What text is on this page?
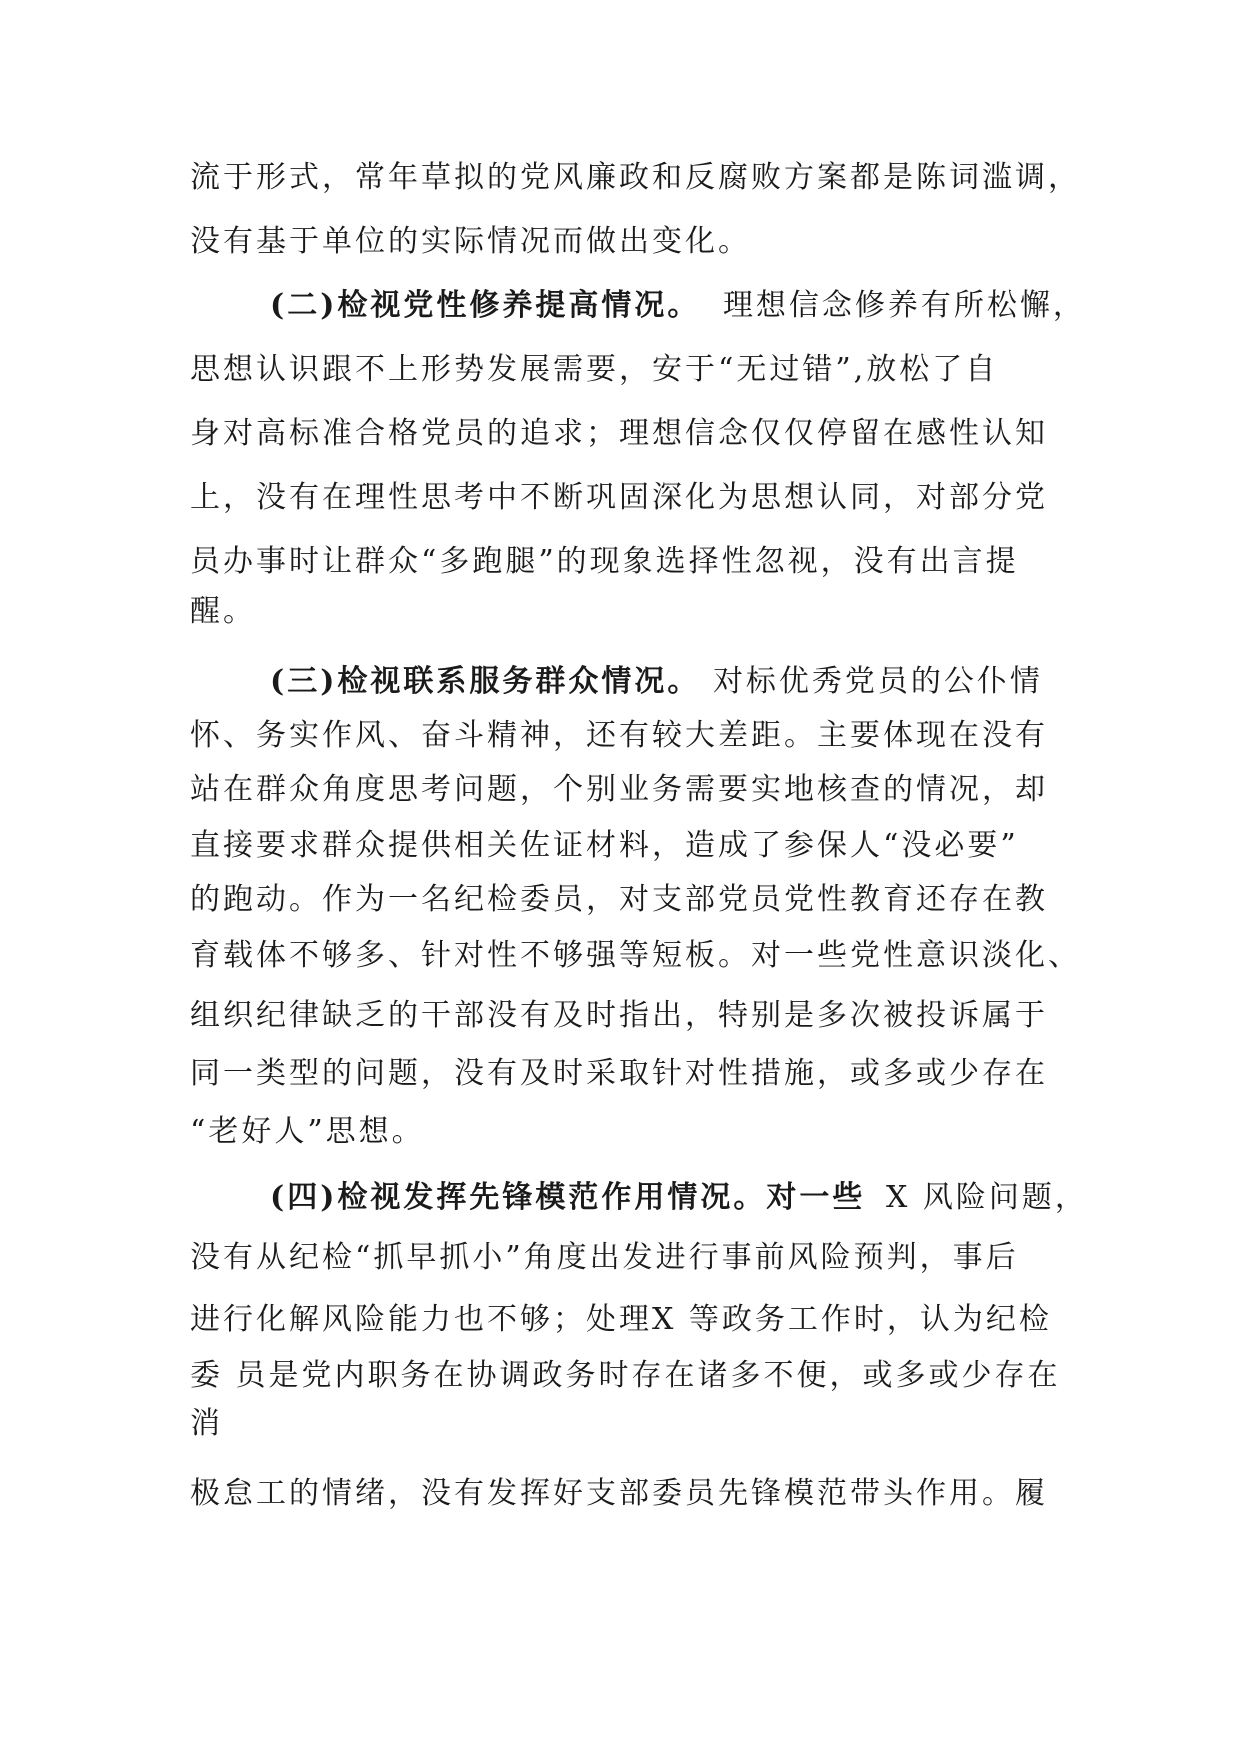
流于形式，常年草拟的党风廉政和反腐败方案都是陈词滥调，
没有基于单位的实际情况而做出变化。
(二)检视党性修养提高情况。 理想信念修养有所松懈，
思想认识跟不上形势发展需要，安于“无过错”,放松了自
身对高标准合格党员的追求；理想信念仅仅停留在感性认知
上，没有在理性思考中不断巩固深化为思想认同，对部分党
员办事时让群众“多跑腿”的现象选择性忽视，没有出言提
醒。
(三)检视联系服务群众情况。 对标优秀党员的公仆情
怀、务实作风、奋斗精神，还有较大差距。主要体现在没有
站在群众角度思考问题，个别业务需要实地核查的情况，却
直接要求群众提供相关佐证材料，造成了参保人“没必要”
的跑动。作为一名纪检委员，对支部党员党性教育还存在教
育载体不够多、针对性不够强等短板。对一些党性意识淡化、
组织纪律缺乏的干部没有及时指出，特别是多次被投诉属于
同一类型的问题，没有及时采取针对性措施，或多或少存在
“老好人”思想。
(四)检视发挥先锋模范作用情况。对一些 X 风险问题，
没有从纪检“抓早抓小”角度出发进行事前风险预判，事后
进行化解风险能力也不够；处理X 等政务工作时，认为纪检
委 员是党内职务在协调政务时存在诸多不便，或多或少存在
消
极怠工的情绪，没有发挥好支部委员先锋模范带头作用。履
